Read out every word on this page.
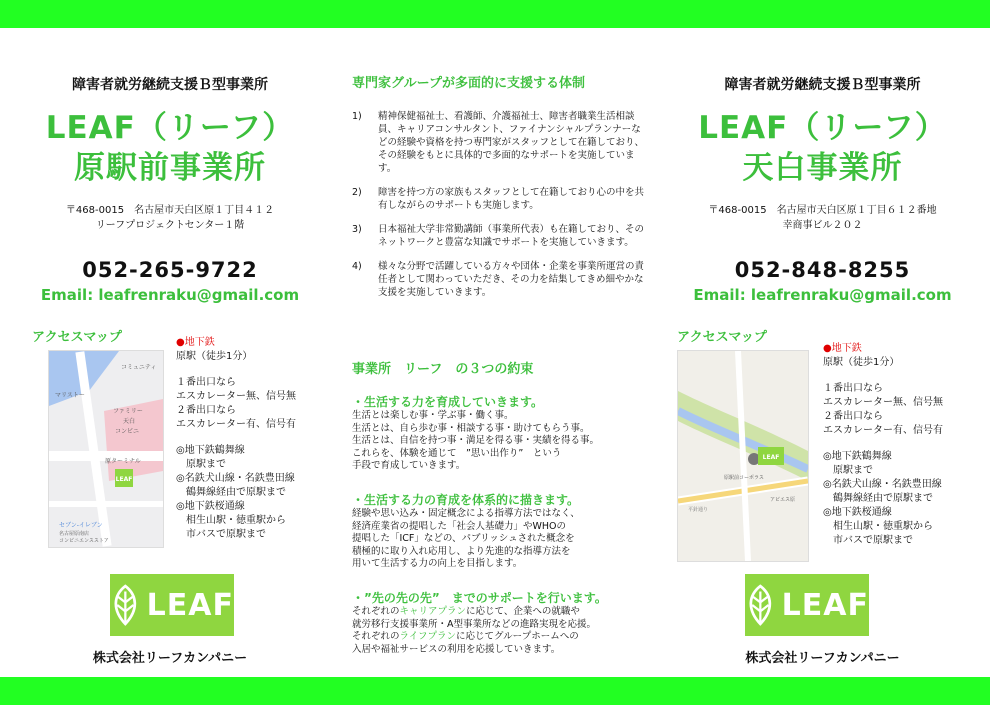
障害者就労継続支援Ｂ型事業所
LEAF（リーフ）
原駅前事業所
〒468-0015　名古屋市天白区原１丁目４１２
リーフプロジェクトセンター１階
052-265-9722
Email: leafrenraku@gmail.com
アクセスマップ
LEAF
マリストー
ファミリー
天白
コンビニ
原ターミナル
コミュニティ
セブン-イレブン
名古屋原南店
コンビニエンスストア
●地下鉄
原駅（徒歩1分）
１番出口なら
エスカレーター無、信号無
２番出口なら
エスカレーター有、信号有
◎地下鉄鶴舞線
　原駅まで
◎名鉄犬山線・名鉄豊田線
　鶴舞線経由で原駅まで
◎地下鉄桜通線
　相生山駅・徳重駅から
　市バスで原駅まで
LEAF
株式会社リーフカンパニー
専門家グループが多面的に支援する体制
1)	精神保健福祉士、看護師、介護福祉士、障害者職業生活相談員、キャリアコンサルタント、ファイナンシャルプランナーなどの経験や資格を持つ専門家がスタッフとして在籍しており、その経験をもとに具体的で多面的なサポートを実施しています。
2)	障害を持つ方の家族もスタッフとして在籍しており心の中を共有しながらのサポートも実施します。
3)	日本福祉大学非常勤講師（事業所代表）も在籍しており、そのネットワークと豊富な知識でサポートを実施していきます。
4)	様々な分野で活躍している方々や団体・企業を事業所運営の責任者として関わっていただき、その力を結集してきめ細やかな支援を実施していきます。
事業所　リーフ　の３つの約束
・生活する力を育成していきます。
生活とは楽しむ事・学ぶ事・働く事。
生活とは、自ら歩む事・相談する事・助けてもらう事。
生活とは、自信を持つ事・満足を得る事・実績を得る事。
これらを、体験を通じて　”思い出作り”　という
手段で育成していきます。
・生活する力の育成を体系的に描きます。
経験や思い込み・固定概念による指導方法ではなく、
経済産業省の提唱した「社会人基礎力」やWHOの
提唱した「ICF」などの、パブリッシュされた概念を
積極的に取り入れ応用し、より先進的な指導方法を
用いて生活する力の向上を目指します。
・”先の先の先”　までのサポートを行います。
それぞれのキャリアプランに応じて、企業への就職や
就労移行支援事業所・A型事業所などの進路実現を応援。
それぞれのライフプランに応じてグループホームへの
入居や福祉サービスの利用を応援していきます。
障害者就労継続支援Ｂ型事業所
LEAF（リーフ）
天白事業所
〒468-0015　名古屋市天白区原１丁目６１２番地
幸商事ビル２０２
052-848-8255
Email: leafrenraku@gmail.com
アクセスマップ
LEAF
原駅前コーポラス
アピエス原
平針通り
●地下鉄
原駅（徒歩1分）
１番出口なら
エスカレーター無、信号無
２番出口なら
エスカレーター有、信号有
◎地下鉄鶴舞線
　原駅まで
◎名鉄犬山線・名鉄豊田線
　鶴舞線経由で原駅まで
◎地下鉄桜通線
　相生山駅・徳重駅から
　市バスで原駅まで
LEAF
株式会社リーフカンパニー
